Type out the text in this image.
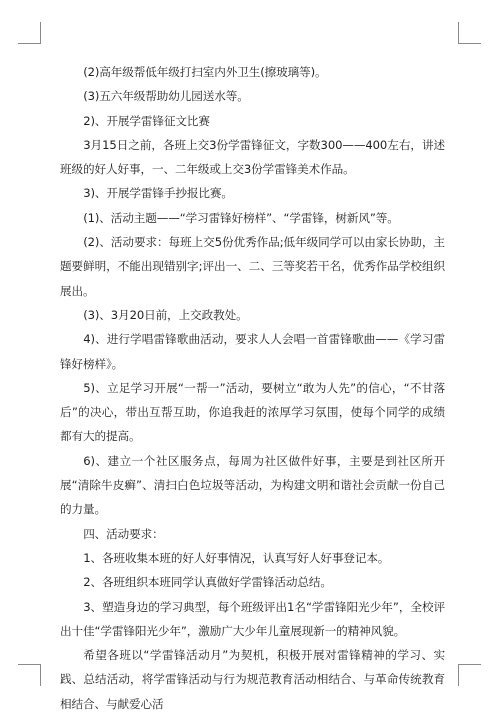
(2)高年级帮低年级打扫室内外卫生(擦玻璃等)。

(3)五六年级帮助幼儿园送水等。

2)、开展学雷锋征文比赛

3月15日之前，各班上交3份学雷锋征文，字数300——400左右，讲述班级的好人好事，一、二年级或上交3份学雷锋美术作品。

3)、开展学雷锋手抄报比赛。

(1)、活动主题——“学习雷锋好榜样”、“学雷锋，树新风”等。

(2)、活动要求：每班上交5份优秀作品;低年级同学可以由家长协助，主题要鲜明，不能出现错别字;评出一、二、三等奖若干名，优秀作品学校组织展出。

(3)、3月20日前，上交政教处。

4)、进行学唱雷锋歌曲活动，要求人人会唱一首雷锋歌曲——《学习雷锋好榜样》。

5)、立足学习开展“一帮一”活动，要树立“敢为人先”的信心，“不甘落后”的决心，带出互帮互助，你追我赶的浓厚学习氛围，使每个同学的成绩都有大的提高。

6)、建立一个社区服务点，每周为社区做件好事，主要是到社区所开展“清除牛皮癣”、清扫白色垃圾等活动，为构建文明和谐社会贡献一份自己的力量。

四、活动要求：

1、各班收集本班的好人好事情况，认真写好人好事登记本。

2、各班组织本班同学认真做好学雷锋活动总结。

3、塑造身边的学习典型，每个班级评出1名“学雷锋阳光少年”，全校评出十佳“学雷锋阳光少年”，激励广大少年儿童展现新一的精神风貌。

希望各班以“学雷锋活动月”为契机，积极开展对雷锋精神的学习、实践、总结活动，将学雷锋活动与行为规范教育活动相结合、与革命传统教育相结合、与献爱心活
